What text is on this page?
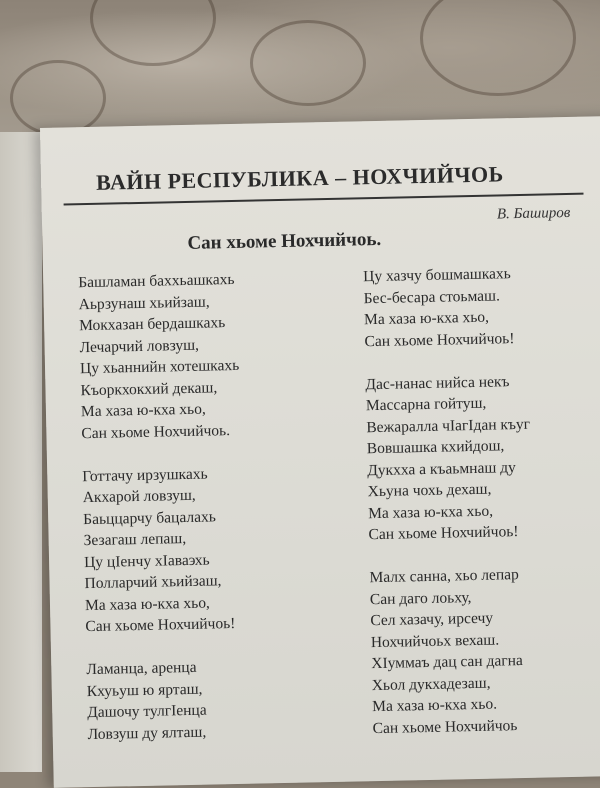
ВАЙН РЕСПУБЛИКА – НОХЧИЙЧОЬ
В. Баширов
Сан хьоме Нохчийчоь.
Башламан баххьашкахь
Аьрзунаш хьийзаш,
Мокхазан бердашкахь
Лечарчий ловзуш,
Цу хьаннийн хотешкахь
Къоркхокхий декаш,
Ма хаза ю-кха хьо,
Сан хьоме Нохчийчоь.
Готтачу ирзушкахь
Акхарой ловзуш,
Баьццарчу бацалахь
Зезагаш лепаш,
Цу цIенчу хIаваэхь
Полларчий хьийзаш,
Ма хаза ю-кха хьо,
Сан хьоме Нохчийчоь!
Ламанца, аренца
Кхуьуш ю ярташ,
Дашочу тулгIенца
Ловзуш ду ялташ,
Цу хазчу бошмашкахь
Бес-бесара стоьмаш.
Ма хаза ю-кха хьо,
Сан хьоме Нохчийчоь!
Дас-нанас нийса некъ
Массарна гойтуш,
Вежаралла чIагIдан къуг
Вовшашка кхийдош,
Дукхха а къаьмнаш ду
Хьуна чохь дехаш,
Ма хаза ю-кха хьо,
Сан хьоме Нохчийчоь!
Малх санна, хьо лепар
Сан даго лоьху,
Сел хазачу, ирсечу
Нохчийчоьх вехаш.
ХIуммаъ дац сан дагна
Хьол дукхадезаш,
Ма хаза ю-кха хьо.
Сан хьоме Нохчийчоь
